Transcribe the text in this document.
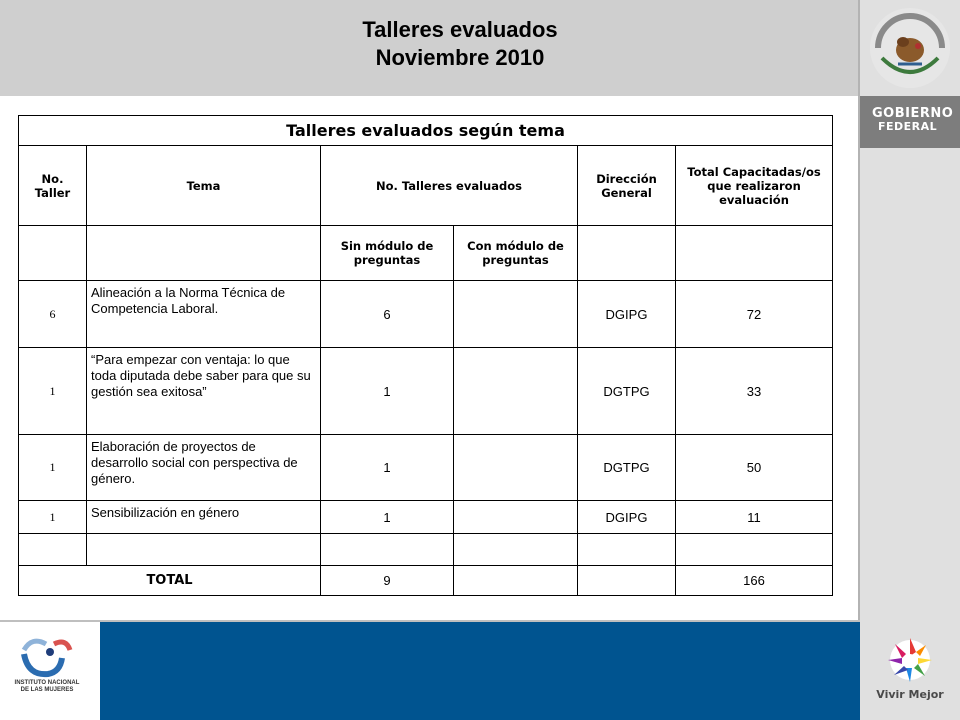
Talleres evaluados
Noviembre 2010
GOBIERNO
FEDERAL
Talleres evaluados según tema					
No. Taller	Tema	No. Talleres evaluados		Dirección General	Total Capacitadas/os que realizaron evaluación
		Sin módulo de preguntas	Con módulo de preguntas		
6	Alineación a la Norma Técnica de Competencia Laboral.	6		DGIPG	72
1	“Para empezar con ventaja: lo que toda diputada debe saber para que su gestión sea exitosa”	1		DGTPG	33
1	Elaboración de proyectos de desarrollo social con perspectiva de género.	1		DGTPG	50
1	Sensibilización en género	1		DGIPG	11

TOTAL		9			166
INSTITUTO NACIONAL
DE LAS MUJERES	Vivir Mejor
